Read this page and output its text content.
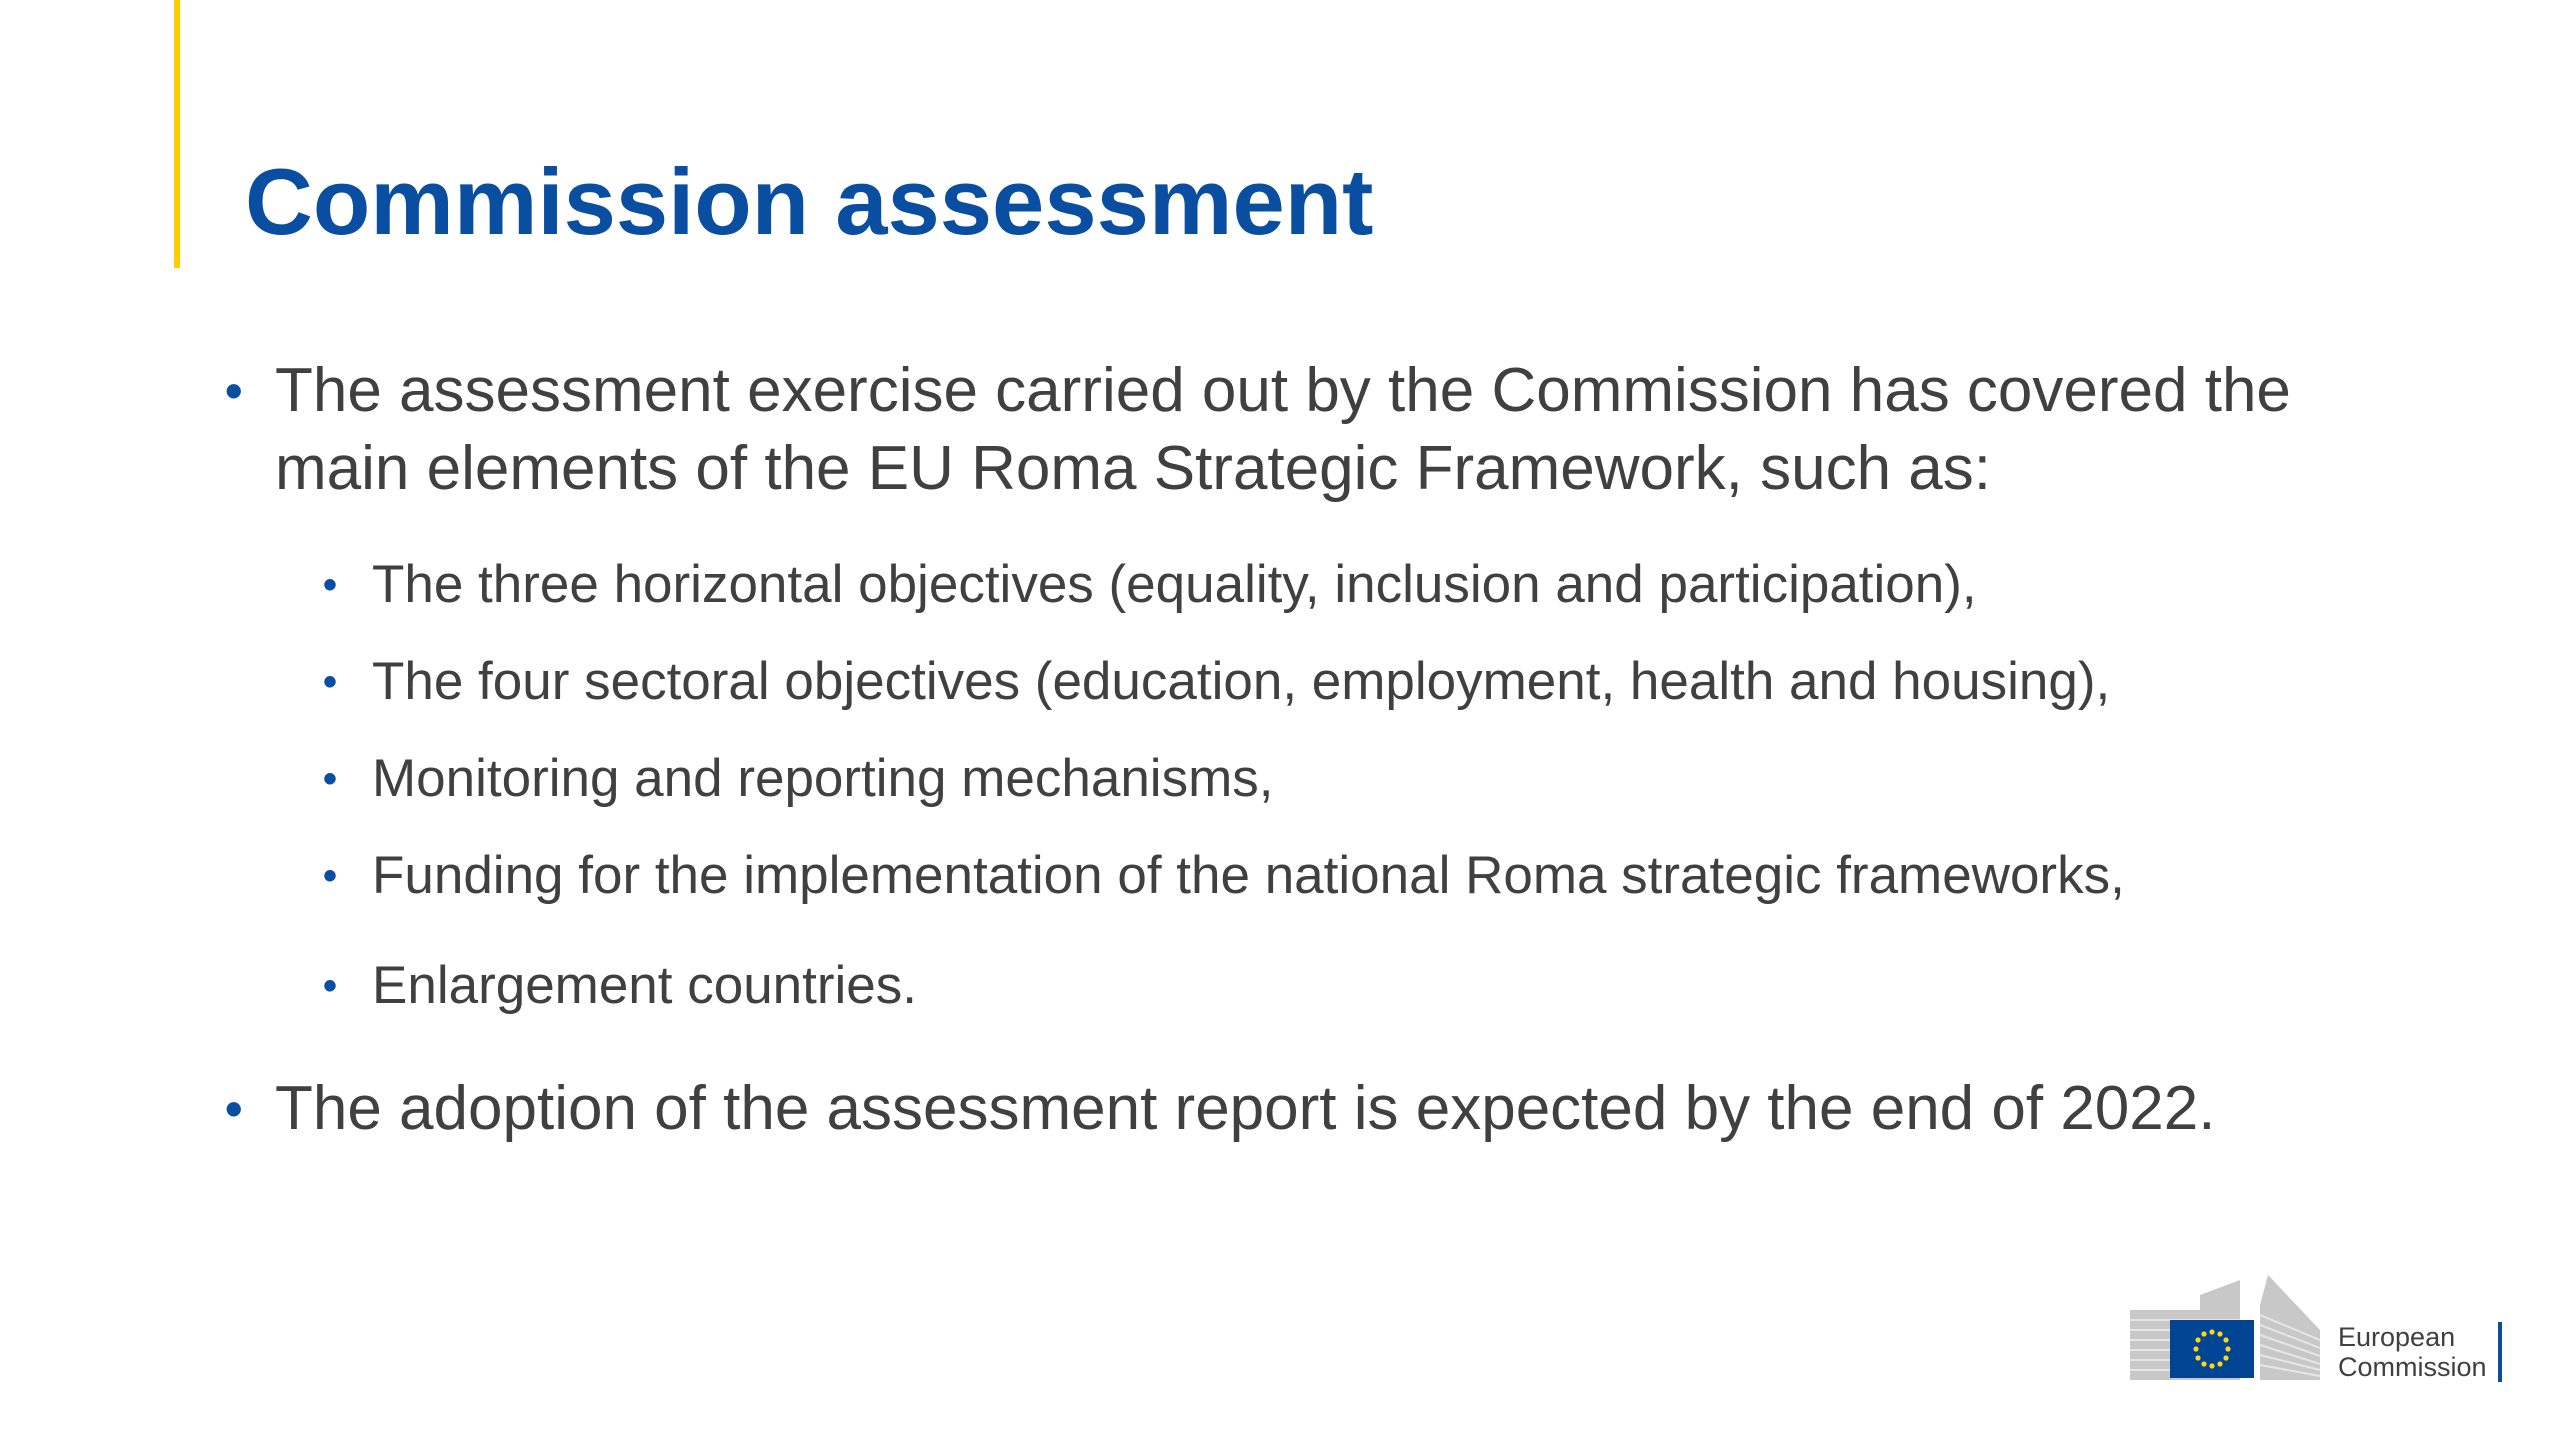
Commission assessment
• The assessment exercise carried out by the Commission has covered the main elements of the EU Roma Strategic Framework, such as:
• The three horizontal objectives (equality, inclusion and participation),
• The four sectoral objectives (education, employment, health and housing),
• Monitoring and reporting mechanisms,
• Funding for the implementation of the national Roma strategic frameworks,
• Enlargement countries.
• The adoption of the assessment report is expected by the end of 2022.
European
Commission
